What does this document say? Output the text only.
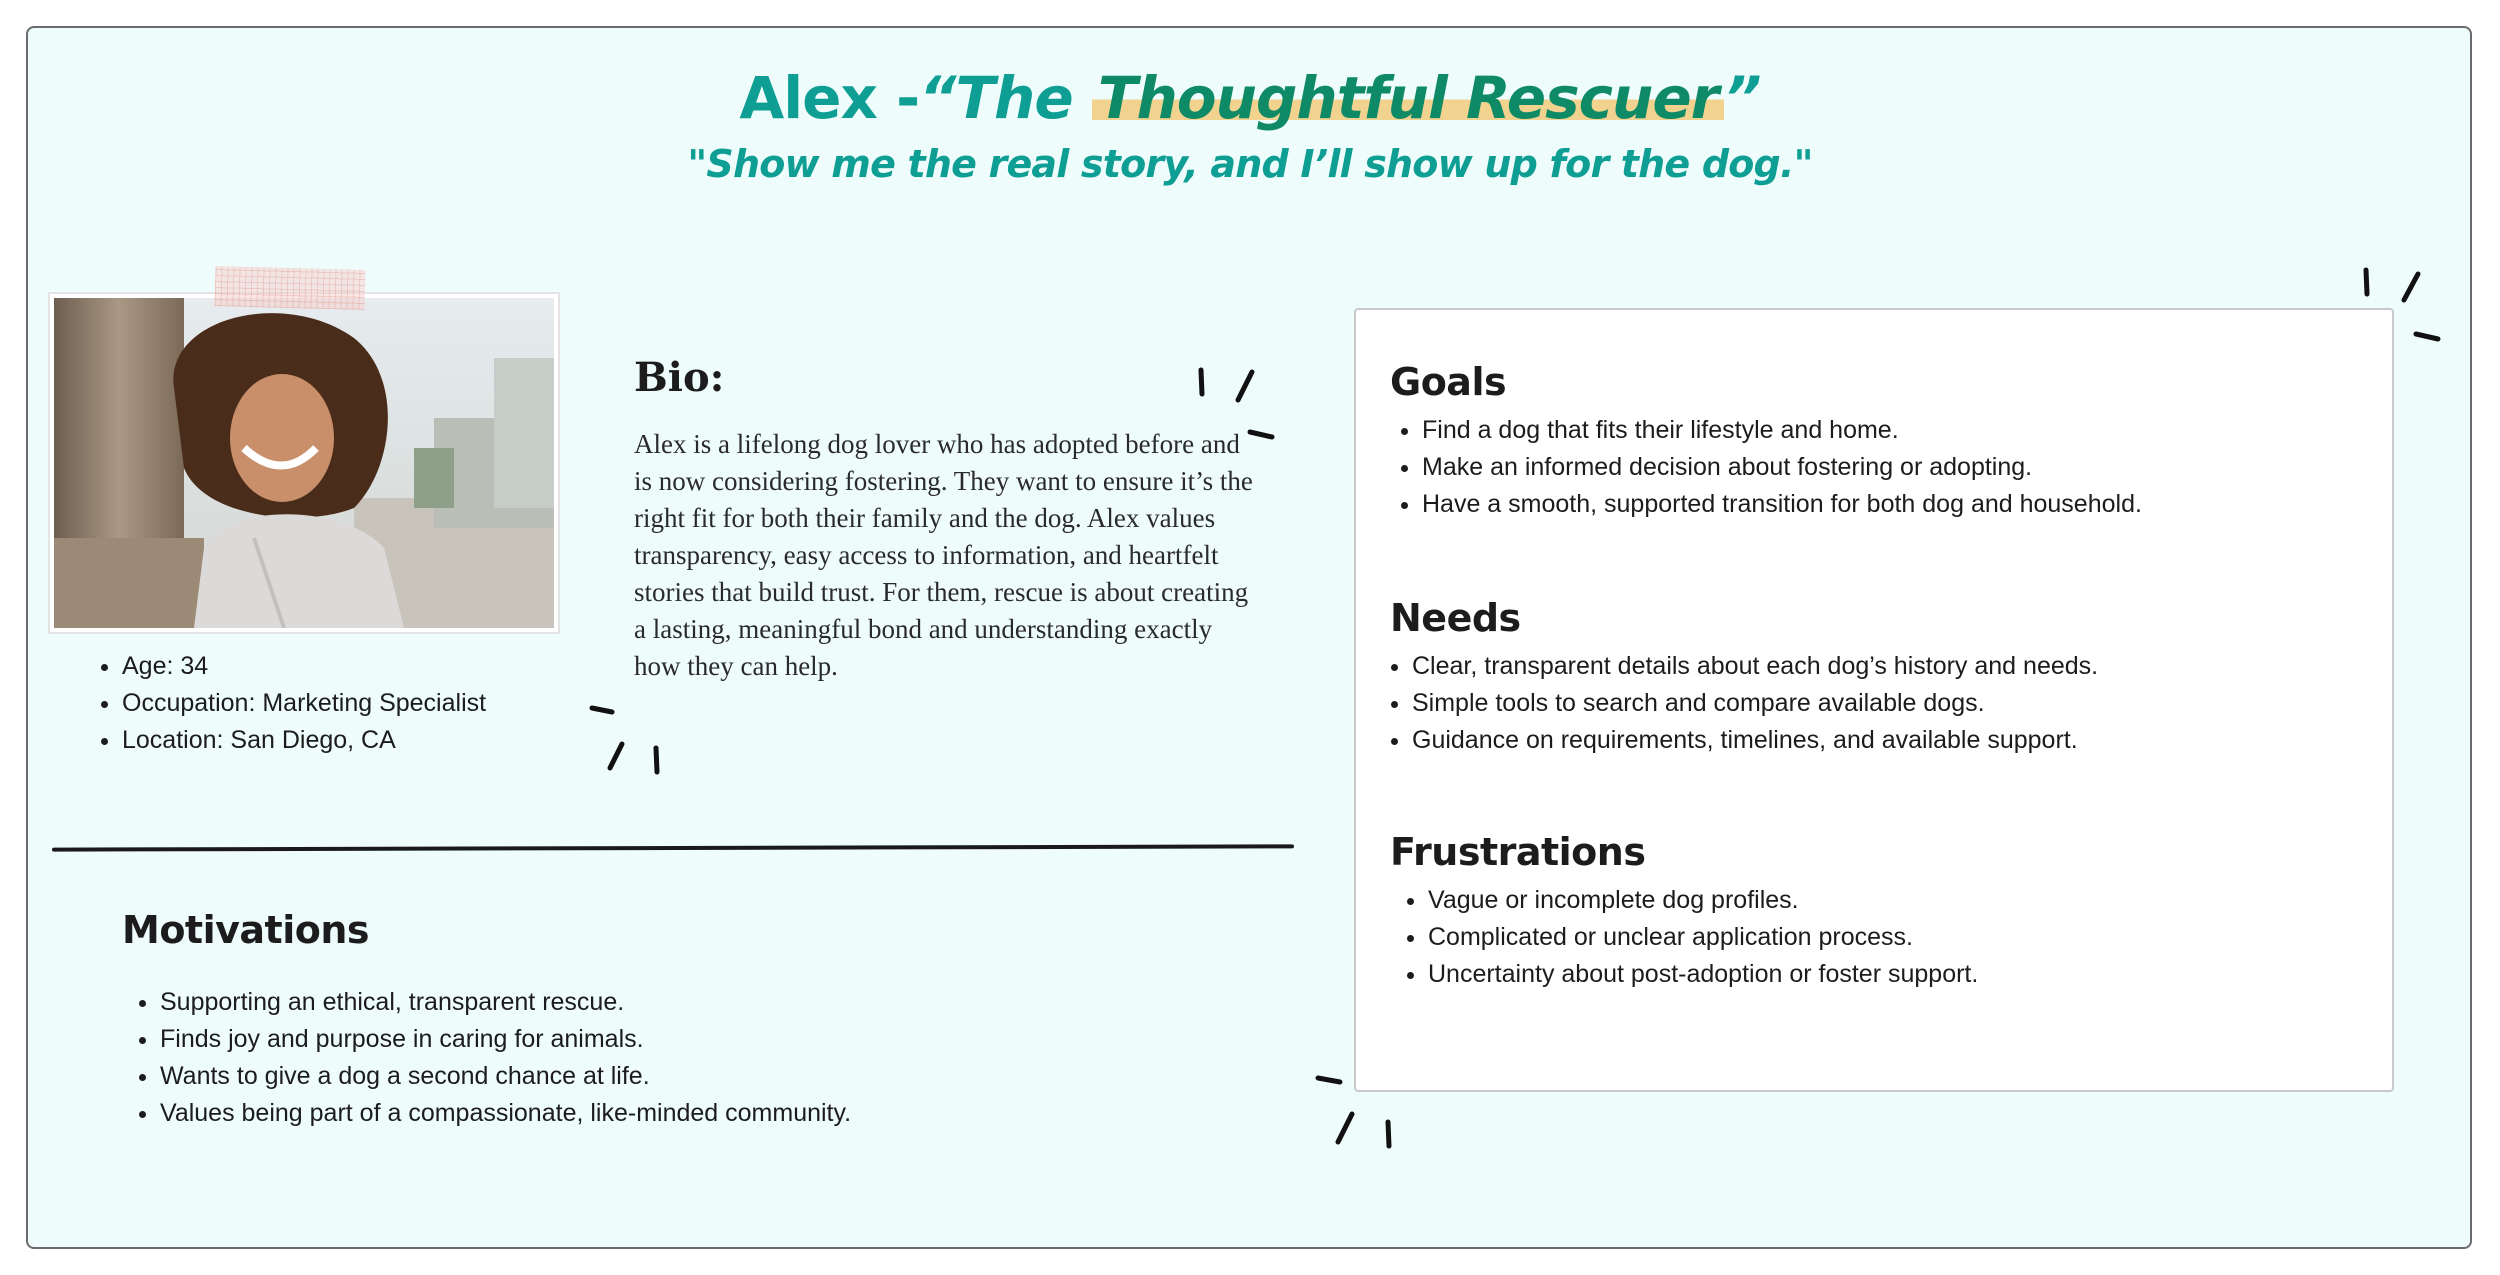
Alex -“The Thoughtful Rescuer ”

"Show me the real story, and I’ll show up for the dog."

• Age: 34
• Occupation: Marketing Specialist
• Location: San Diego, CA
Bio:

Alex is a lifelong dog lover who has adopted before and is now considering fostering. They want to ensure it’s the right fit for both their family and the dog. Alex values transparency, easy access to information, and heartfelt stories that build trust. For them, rescue is about creating a lasting, meaningful bond and understanding exactly how they can help.

Motivations
• Supporting an ethical, transparent rescue.
• Finds joy and purpose in caring for animals.
• Wants to give a dog a second chance at life.
• Values being part of a compassionate, like-minded community.
Goals
• Find a dog that fits their lifestyle and home.
• Make an informed decision about fostering or adopting.
• Have a smooth, supported transition for both dog and household.
Needs
• Clear, transparent details about each dog’s history and needs.
• Simple tools to search and compare available dogs.
• Guidance on requirements, timelines, and available support.
Frustrations
• Vague or incomplete dog profiles.
• Complicated or unclear application process.
• Uncertainty about post-adoption or foster support.
